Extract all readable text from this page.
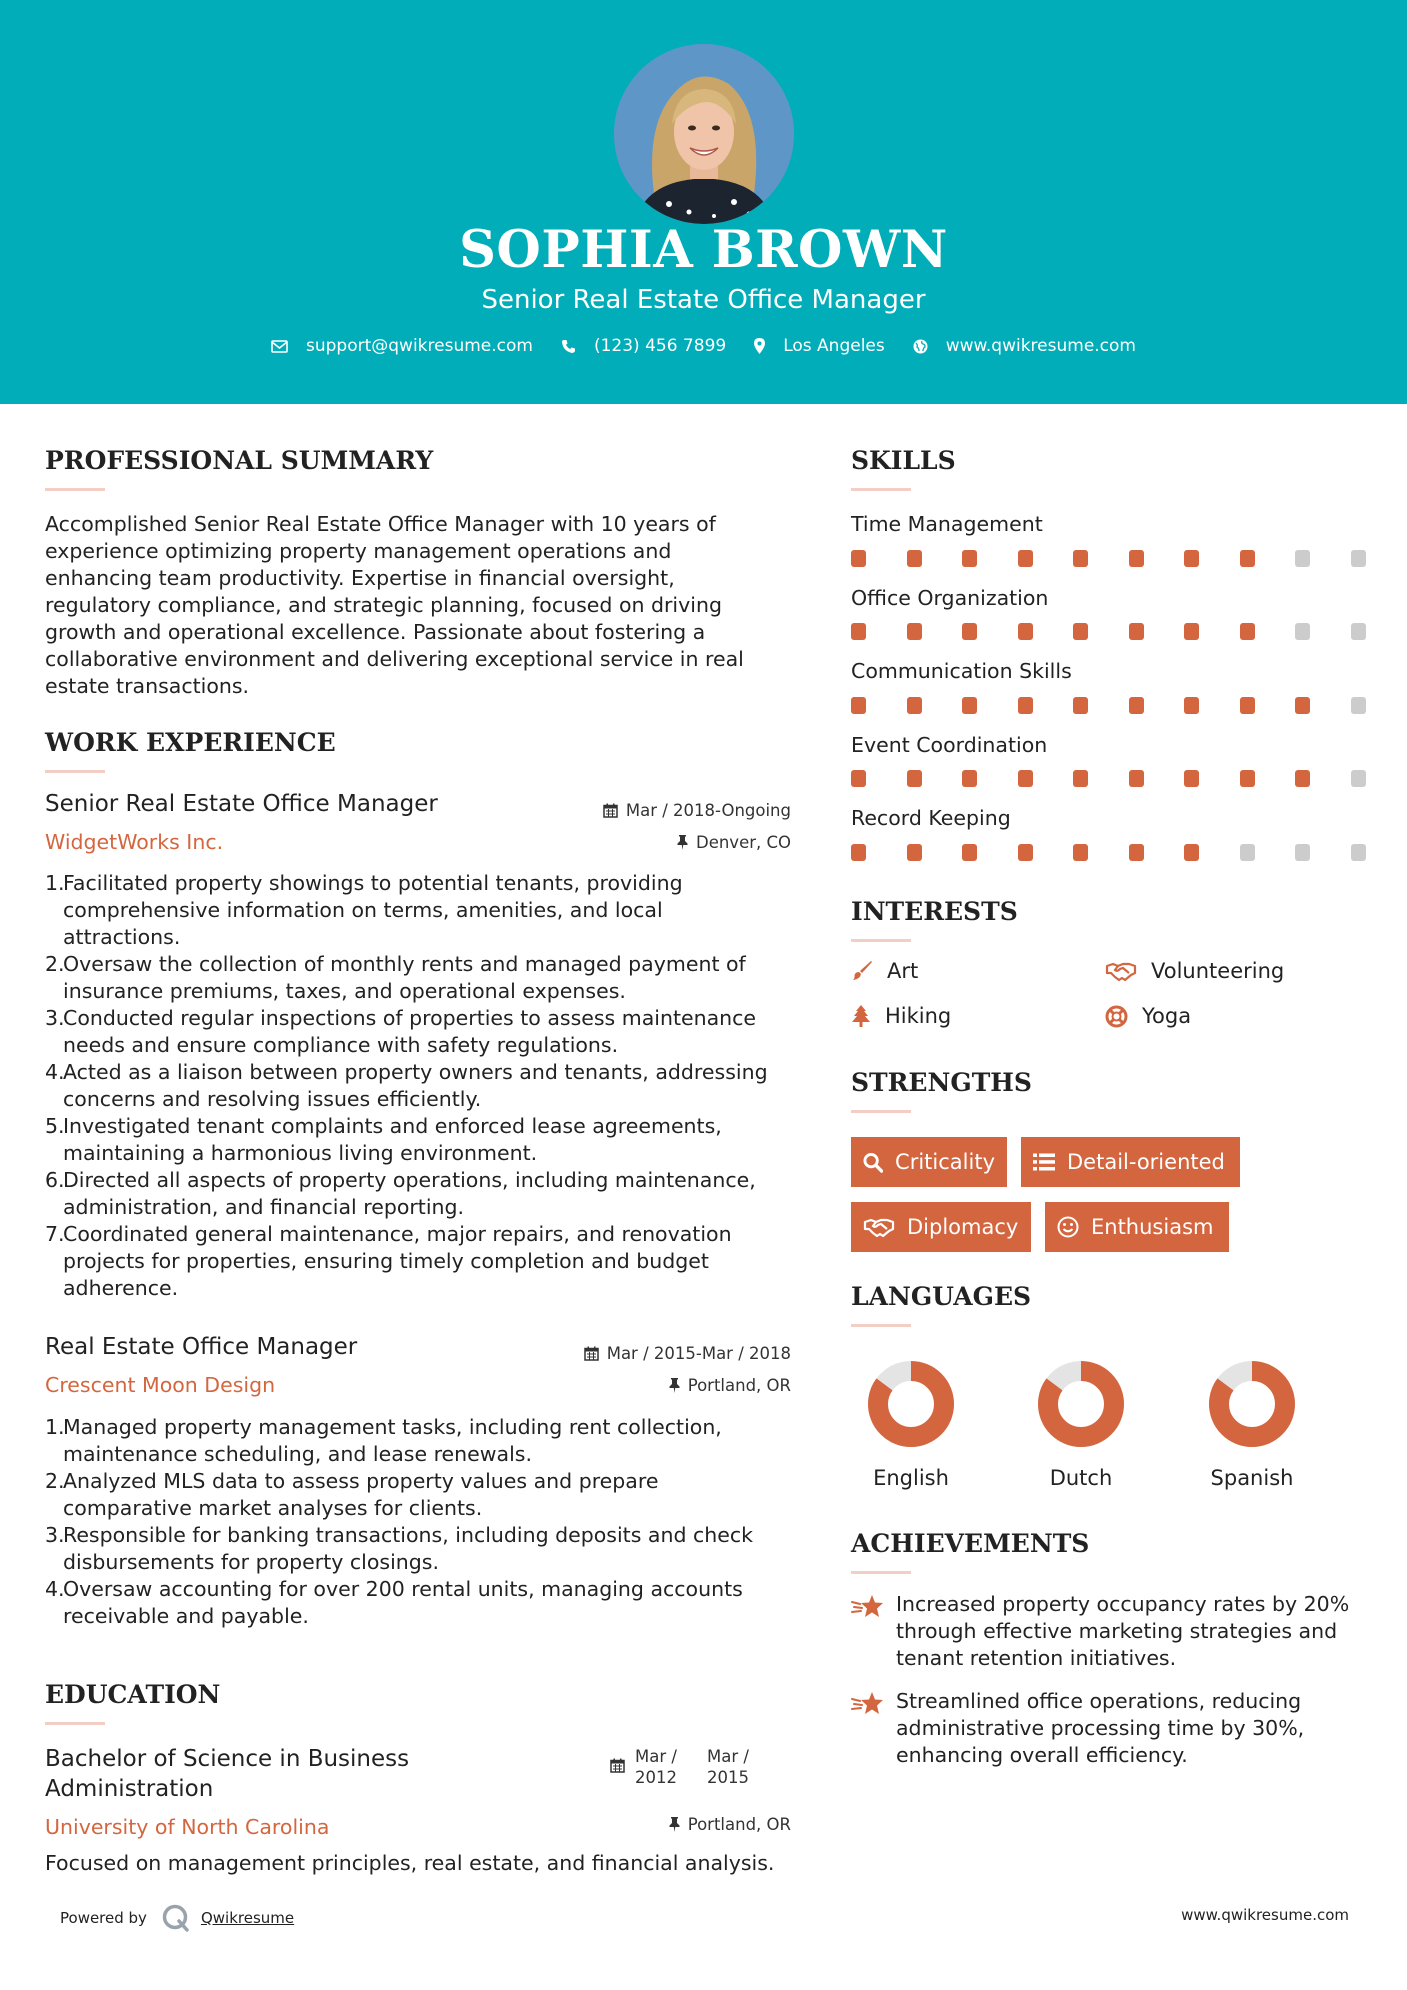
SOPHIA BROWN
Senior Real Estate Office Manager
support@qwikresume.com	(123) 456 7899	Los Angeles	www.qwikresume.com
PROFESSIONAL SUMMARY
Accomplished Senior Real Estate Office Manager with 10 years of
experience optimizing property management operations and
enhancing team productivity. Expertise in financial oversight,
regulatory compliance, and strategic planning, focused on driving
growth and operational excellence. Passionate about fostering a
collaborative environment and delivering exceptional service in real
estate transactions.
WORK EXPERIENCE
Senior Real Estate Office Manager	Mar / 2018-Ongoing
WidgetWorks Inc.	Denver, CO
1.
Facilitated property showings to potential tenants, providing
comprehensive information on terms, amenities, and local
attractions.
2.
Oversaw the collection of monthly rents and managed payment of
insurance premiums, taxes, and operational expenses.
3.
Conducted regular inspections of properties to assess maintenance
needs and ensure compliance with safety regulations.
4.
Acted as a liaison between property owners and tenants, addressing
concerns and resolving issues efficiently.
5.
Investigated tenant complaints and enforced lease agreements,
maintaining a harmonious living environment.
6.
Directed all aspects of property operations, including maintenance,
administration, and financial reporting.
7.
Coordinated general maintenance, major repairs, and renovation
projects for properties, ensuring timely completion and budget
adherence.
Real Estate Office Manager	Mar / 2015-Mar / 2018
Crescent Moon Design	Portland, OR
1.
Managed property management tasks, including rent collection,
maintenance scheduling, and lease renewals.
2.
Analyzed MLS data to assess property values and prepare
comparative market analyses for clients.
3.
Responsible for banking transactions, including deposits and check
disbursements for property closings.
4.
Oversaw accounting for over 200 rental units, managing accounts
receivable and payable.
EDUCATION
Bachelor of Science in Business
Administration
Mar /
2012
Mar /
2015
University of North Carolina	Portland, OR
Focused on management principles, real estate, and financial analysis.
SKILLS
Time Management
Office Organization
Communication Skills
Event Coordination
Record Keeping
INTERESTS
Art	Volunteering
Hiking	Yoga
STRENGTHS
Criticality	Detail-oriented
Diplomacy	Enthusiasm
LANGUAGES
English	Dutch	Spanish
ACHIEVEMENTS
Increased property occupancy rates by 20%
through effective marketing strategies and
tenant retention initiatives.
Streamlined office operations, reducing
administrative processing time by 30%,
enhancing overall efficiency.
Powered by	Qwikresume	www.qwikresume.com
